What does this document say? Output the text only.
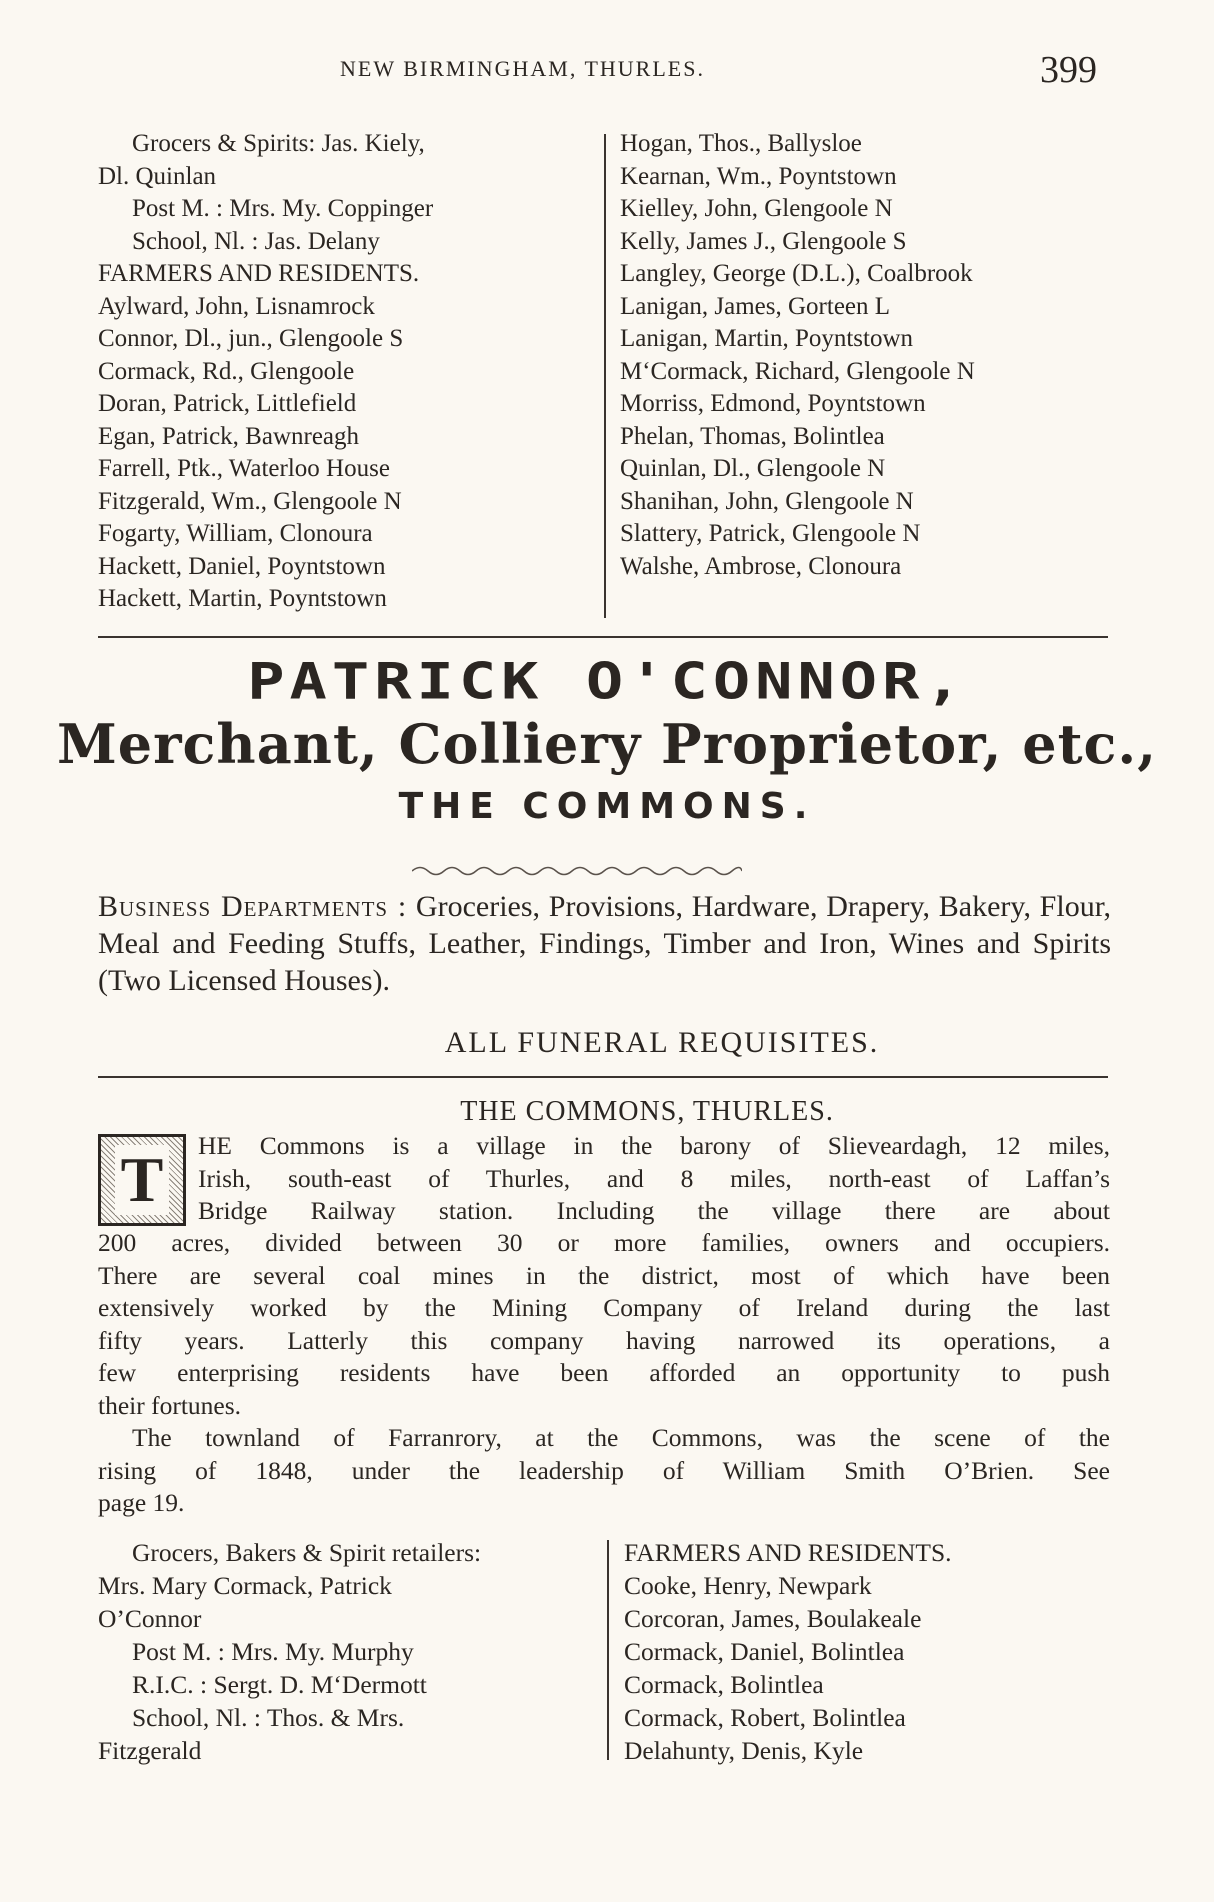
NEW BIRMINGHAM, THURLES.	399
Grocers & Spirits: Jas. Kiely,
Dl. Quinlan
Post M. : Mrs. My. Coppinger
School, Nl. : Jas. Delany
FARMERS AND RESIDENTS.
Aylward, John, Lisnamrock
Connor, Dl., jun., Glengoole S
Cormack, Rd., Glengoole
Doran, Patrick, Littlefield
Egan, Patrick, Bawnreagh
Farrell, Ptk., Waterloo House
Fitzgerald, Wm., Glengoole N
Fogarty, William, Clonoura
Hackett, Daniel, Poyntstown
Hackett, Martin, Poyntstown
Hogan, Thos., Ballysloe
Kearnan, Wm., Poyntstown
Kielley, John, Glengoole N
Kelly, James J., Glengoole S
Langley, George (D.L.), Coalbrook
Lanigan, James, Gorteen L
Lanigan, Martin, Poyntstown
M‘Cormack, Richard, Glengoole N
Morriss, Edmond, Poyntstown
Phelan, Thomas, Bolintlea
Quinlan, Dl., Glengoole N
Shanihan, John, Glengoole N
Slattery, Patrick, Glengoole N
Walshe, Ambrose, Clonoura
PATRICK O'CONNOR,
Merchant, Colliery Proprietor, etc.,
THE COMMONS.
Business Departments : Groceries, Provisions, Hardware, Drapery, Bakery, Flour, Meal and Feeding Stuffs, Leather, Findings, Timber and Iron, Wines and Spirits (Two Licensed Houses).
ALL FUNERAL REQUISITES.
THE COMMONS, THURLES.
T HE Commons is a village in the barony of Slieveardagh, 12 miles,
Irish, south-east of Thurles, and 8 miles, north-east of Laffan’s
Bridge Railway station. Including the village there are about
200 acres, divided between 30 or more families, owners and occupiers.
There are several coal mines in the district, most of which have been
extensively worked by the Mining Company of Ireland during the last
fifty years. Latterly this company having narrowed its operations, a
few enterprising residents have been afforded an opportunity to push
their fortunes.
The townland of Farranrory, at the Commons, was the scene of the
rising of 1848, under the leadership of William Smith O’Brien. See
page 19.
Grocers, Bakers & Spirit retailers:
Mrs. Mary Cormack, Patrick
O’Connor
Post M. : Mrs. My. Murphy
R.I.C. : Sergt. D. M‘Dermott
School, Nl. : Thos. & Mrs.
Fitzgerald
FARMERS AND RESIDENTS.
Cooke, Henry, Newpark
Corcoran, James, Boulakeale
Cormack, Daniel, Bolintlea
Cormack, Bolintlea
Cormack, Robert, Bolintlea
Delahunty, Denis, Kyle
